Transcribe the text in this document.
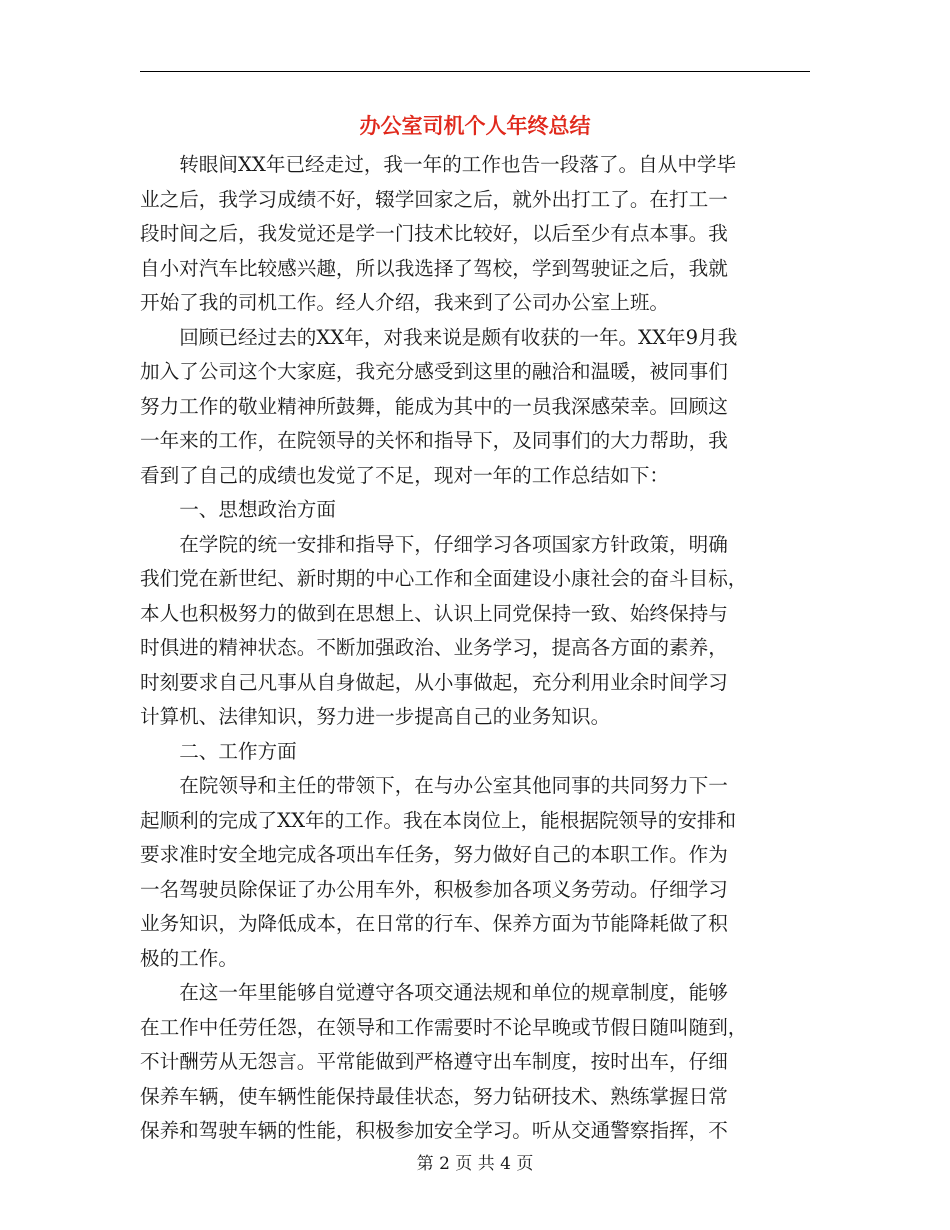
办公室司机个人年终总结

转眼间XX年已经走过，我一年的工作也告一段落了。自从中学毕
业之后，我学习成绩不好，辍学回家之后，就外出打工了。在打工一
段时间之后，我发觉还是学一门技术比较好，以后至少有点本事。我
自小对汽车比较感兴趣，所以我选择了驾校，学到驾驶证之后，我就
开始了我的司机工作。经人介绍，我来到了公司办公室上班。

回顾已经过去的XX年，对我来说是颇有收获的一年。XX年9月我
加入了公司这个大家庭，我充分感受到这里的融洽和温暖，被同事们
努力工作的敬业精神所鼓舞，能成为其中的一员我深感荣幸。回顾这
一年来的工作，在院领导的关怀和指导下，及同事们的大力帮助，我
看到了自己的成绩也发觉了不足，现对一年的工作总结如下：

一、思想政治方面

在学院的统一安排和指导下，仔细学习各项国家方针政策，明确
我们党在新世纪、新时期的中心工作和全面建设小康社会的奋斗目标，
本人也积极努力的做到在思想上、认识上同党保持一致、始终保持与
时俱进的精神状态。不断加强政治、业务学习，提高各方面的素养，
时刻要求自己凡事从自身做起，从小事做起，充分利用业余时间学习
计算机、法律知识，努力进一步提高自己的业务知识。

二、工作方面

在院领导和主任的带领下，在与办公室其他同事的共同努力下一
起顺利的完成了XX年的工作。我在本岗位上，能根据院领导的安排和
要求准时安全地完成各项出车任务，努力做好自己的本职工作。作为
一名驾驶员除保证了办公用车外，积极参加各项义务劳动。仔细学习
业务知识，为降低成本，在日常的行车、保养方面为节能降耗做了积
极的工作。

在这一年里能够自觉遵守各项交通法规和单位的规章制度，能够
在工作中任劳任怨，在领导和工作需要时不论早晚或节假日随叫随到，
不计酬劳从无怨言。平常能做到严格遵守出车制度，按时出车，仔细
保养车辆，使车辆性能保持最佳状态，努力钻研技术、熟练掌握日常
保养和驾驶车辆的性能，积极参加安全学习。听从交通警察指挥，不

第 2 页 共 4 页
